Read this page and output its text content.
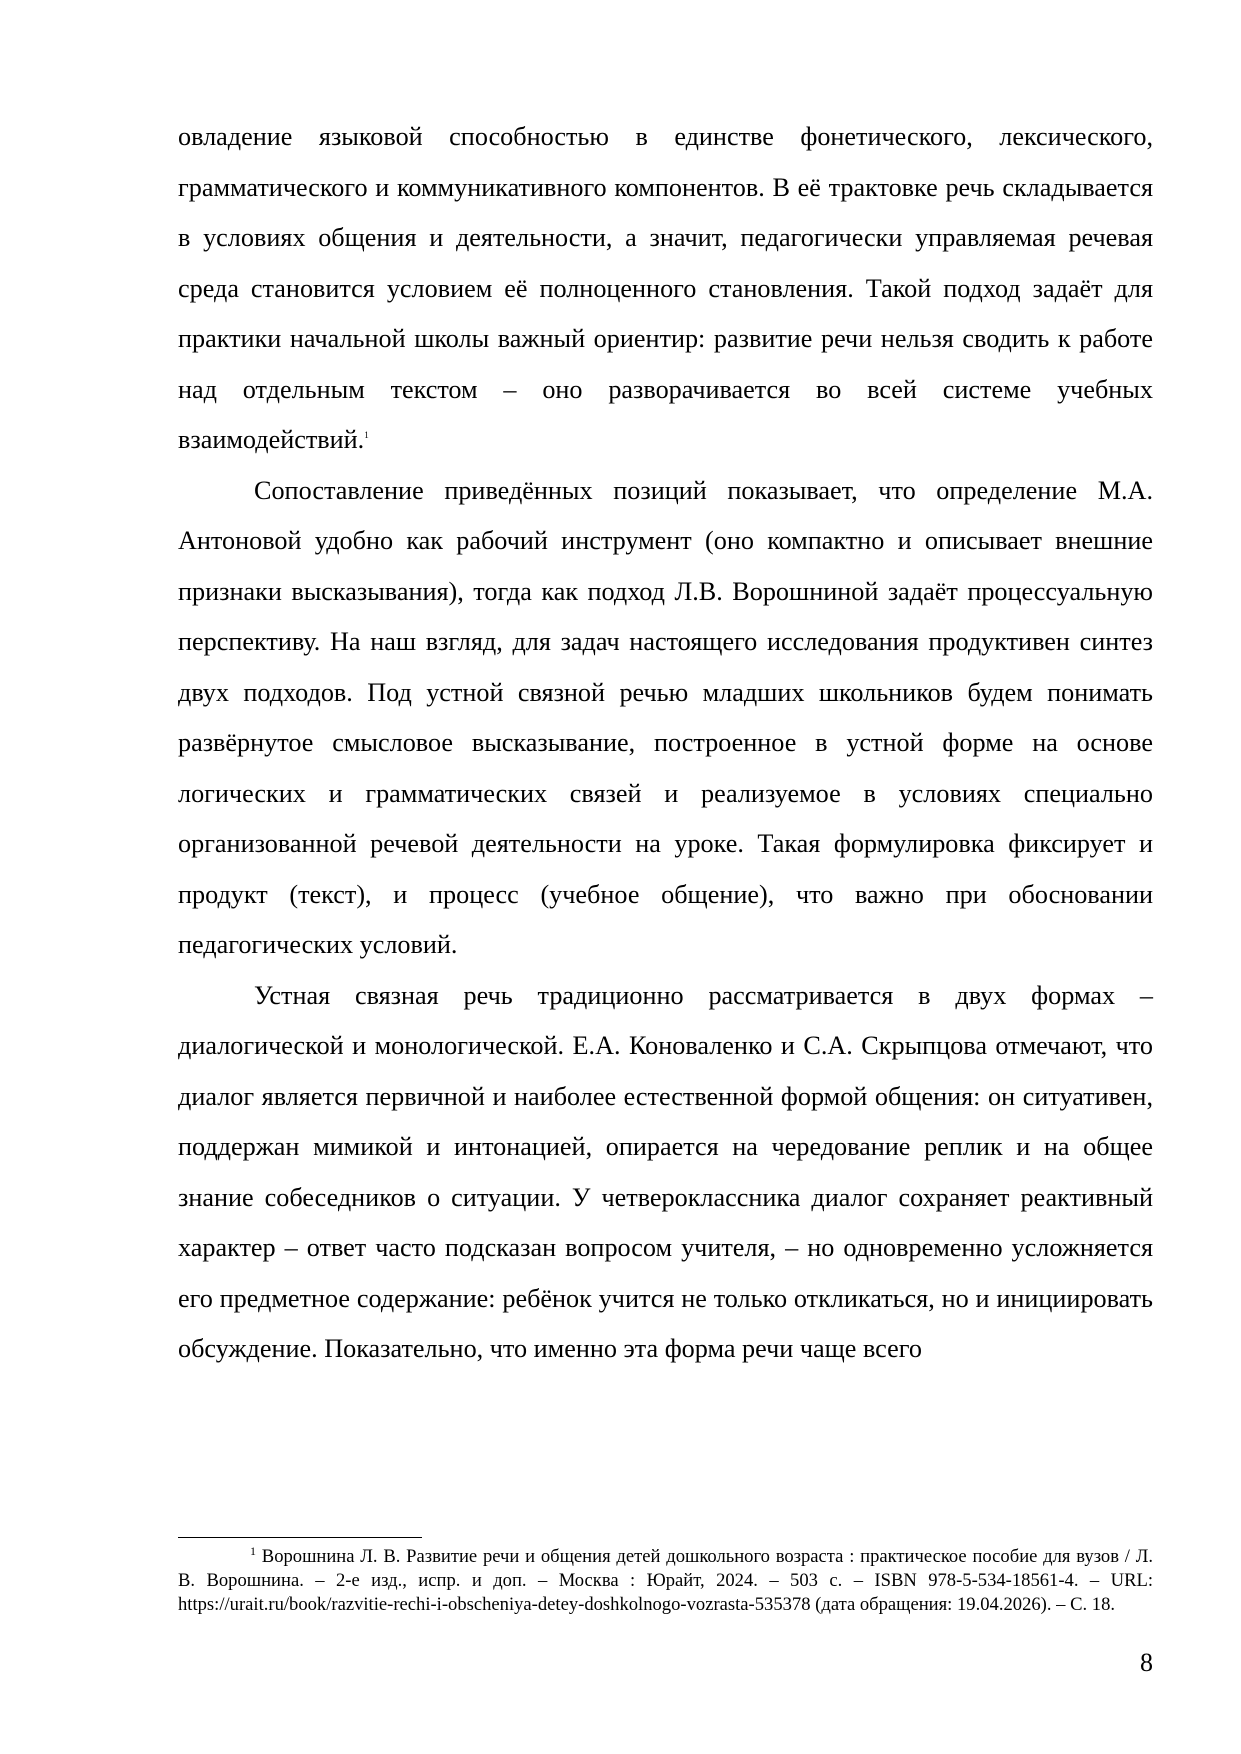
овладение языковой способностью в единстве фонетического, лексического, грамматического и коммуникативного компонентов. В её трактовке речь складывается в условиях общения и деятельности, а значит, педагогически управляемая речевая среда становится условием её полноценного становления. Такой подход задаёт для практики начальной школы важный ориентир: развитие речи нельзя сводить к работе над отдельным текстом – оно разворачивается во всей системе учебных взаимодействий.$^1$

Сопоставление приведённых позиций показывает, что определение М.А. Антоновой удобно как рабочий инструмент (оно компактно и описывает внешние признаки высказывания), тогда как подход Л.В. Ворошниной задаёт процессуальную перспективу. На наш взгляд, для задач настоящего исследования продуктивен синтез двух подходов. Под устной связной речью младших школьников будем понимать развёрнутое смысловое высказывание, построенное в устной форме на основе логических и грамматических связей и реализуемое в условиях специально организованной речевой деятельности на уроке. Такая формулировка фиксирует и продукт (текст), и процесс (учебное общение), что важно при обосновании педагогических условий.

Устная связная речь традиционно рассматривается в двух формах – диалогической и монологической. Е.А. Коноваленко и С.А. Скрыпцова отмечают, что диалог является первичной и наиболее естественной формой общения: он ситуативен, поддержан мимикой и интонацией, опирается на чередование реплик и на общее знание собеседников о ситуации. У четвероклассника диалог сохраняет реактивный характер – ответ часто подсказан вопросом учителя, – но одновременно усложняется его предметное содержание: ребёнок учится не только откликаться, но и инициировать обсуждение. Показательно, что именно эта форма речи чаще всего

$^1$ Ворошнина Л. В. Развитие речи и общения детей дошкольного возраста : практическое пособие для вузов / Л. В. Ворошнина. – 2-е изд., испр. и доп. – Москва : Юрайт, 2024. – 503 с. – ISBN 978-5-534-18561-4. – URL: https://urait.ru/book/razvitie-rechi-i-obscheniya-detey-doshkolnogo-vozrasta-535378 (дата обращения: 19.04.2026). – С. 18.

8
